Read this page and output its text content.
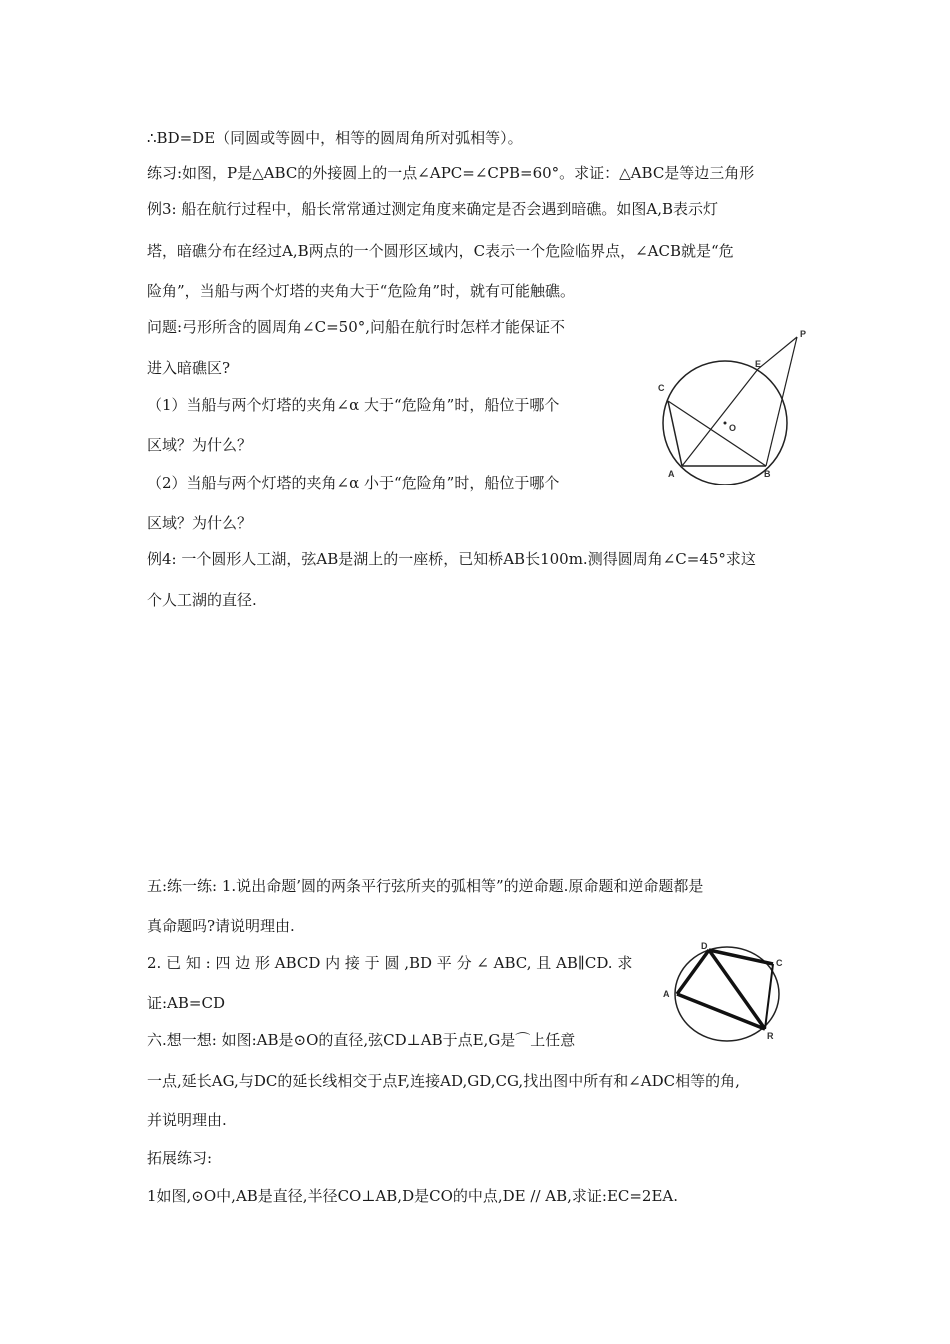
∴BD=DE（同圆或等圆中，相等的圆周角所对弧相等）。
练习:如图，P是△ABC的外接圆上的一点∠APC=∠CPB=60°。求证：△ABC是等边三角形
例3: 船在航行过程中，船长常常通过测定角度来确定是否会遇到暗礁。如图A,B表示灯
塔，暗礁分布在经过A,B两点的一个圆形区域内，C表示一个危险临界点，∠ACB就是“危
险角”，当船与两个灯塔的夹角大于“危险角”时，就有可能触礁。
问题:弓形所含的圆周角∠C=50°,问船在航行时怎样才能保证不
进入暗礁区?
（1）当船与两个灯塔的夹角∠α 大于“危险角”时，船位于哪个
区域？为什么？
（2）当船与两个灯塔的夹角∠α 小于“危险角”时，船位于哪个
区域？为什么？
例4: 一个圆形人工湖，弦AB是湖上的一座桥，已知桥AB长100m.测得圆周角∠C=45°求这
个人工湖的直径.
五:练一练: 1.说出命题’圆的两条平行弦所夹的弧相等”的逆命题.原命题和逆命题都是
真命题吗?请说明理由.
2. 已 知 : 四 边 形 ABCD 内 接 于 圆 ,BD 平 分 ∠ ABC, 且 AB∥CD. 求
证:AB=CD
六.想一想: 如图:AB是⊙O的直径,弦CD⊥AB于点E,G是⌒上任意
一点,延长AG,与DC的延长线相交于点F,连接AD,GD,CG,找出图中所有和∠ADC相等的角,
并说明理由.
拓展练习:
1如图,⊙O中,AB是直径,半径CO⊥AB,D是CO的中点,DE // AB,求证:EC=2EA.
P
E
C
O
A	B
D
A
C
R
